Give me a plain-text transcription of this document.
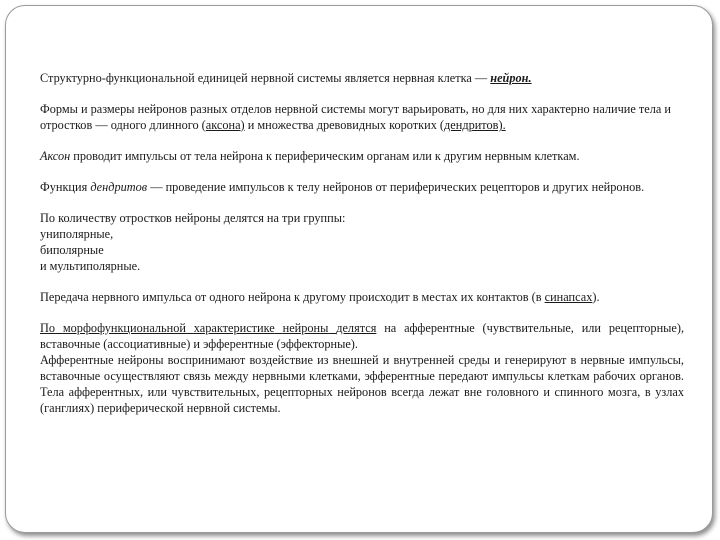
Структурно-функциональной единицей нервной системы является нервная клетка — нейрон.

Формы и размеры нейронов разных отделов нервной системы могут варьировать, но для них характерно наличие тела и отростков — одного длинного (аксона) и множества древовидных коротких (дендритов).

Аксон проводит импульсы от тела нейрона к периферическим органам или к другим нервным клеткам.

Функция дендритов — проведение импульсов к телу нейронов от периферических рецепторов и других нейронов.

По количеству отростков нейроны делятся на три группы:
униполярные,
биполярные
и мультиполярные.

Передача нервного импульса от одного нейрона к другому происходит в местах их контактов (в синапсах).

По морфофункциональной характеристике нейроны делятся на афферентные (чувствительные, или рецепторные), вставочные (ассоциативные) и эфферентные (эффекторные).

Афферентные нейроны воспринимают воздействие из внешней и внутренней среды и генерируют в нервные импульсы, вставочные осуществляют связь между нервными клетками, эфферентные передают импульсы клеткам рабочих органов. Тела афферентных, или чувствительных, рецепторных нейронов всегда лежат вне головного и спинного мозга, в узлах (ганглиях) периферической нервной системы.
